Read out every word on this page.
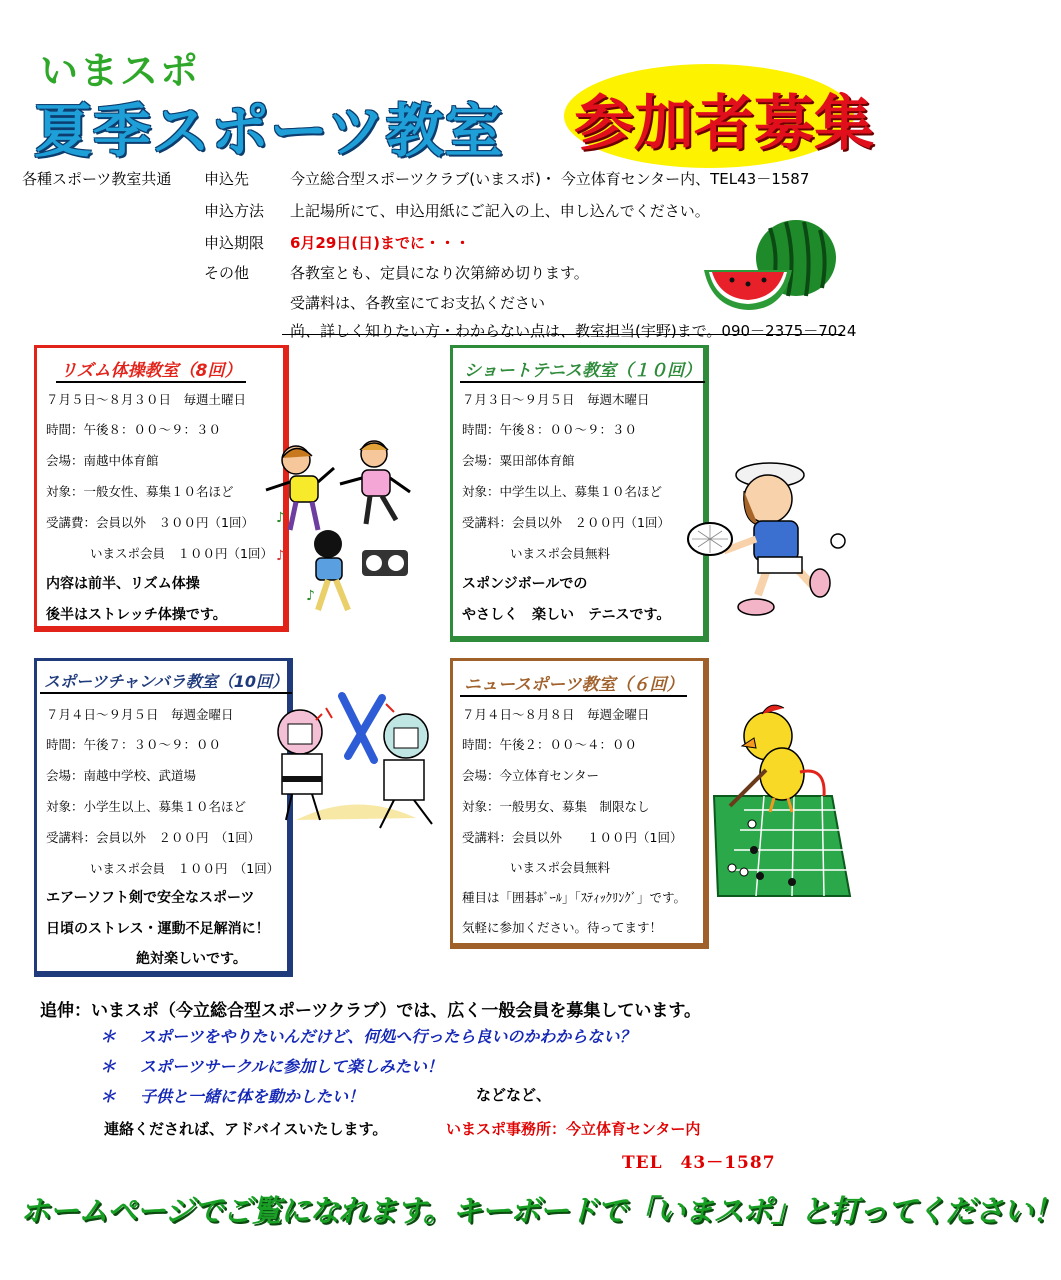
いまスポ
夏季スポーツ教室 参加者募集
各種スポーツ教室共通 申込先	今立総合型スポーツクラブ(いまスポ)・ 今立体育センター内、TEL43－1587
申込方法 上記場所にて、申込用紙にご記入の上、申し込んでください。
申込期限 6月29日(日)までに・・・
その他	各教室とも、定員になり次第締め切ります。
受講料は、各教室にてお支払ください
尚、詳しく知りたい方・わからない点は、教室担当(宇野)まで。090－2375－7024
リズム体操教室（8回）
７月５日～８月３０日　毎週土曜日
時間：午後８：００～９：３０
会場：南越中体育館
対象：一般女性、募集１０名ほど
受講費：会員以外　３００円（1回）
いまスポ会員　１００円（1回）
内容は前半、リズム体操
後半はストレッチ体操です。
♪
♪
♪
ショートテニス教室（１０回）
７月３日～９月５日　毎週木曜日
時間：午後８：００～９：３０
会場：粟田部体育館
対象：中学生以上、募集１０名ほど
受講料：会員以外　２００円（1回）
いまスポ会員無料
スポンジボールでの
やさしく　楽しい　テニスです。
スポーツチャンバラ教室（10回）
７月４日～９月５日　毎週金曜日
時間：午後７：３０～９：００
会場：南越中学校、武道場
対象：小学生以上、募集１０名ほど
受講料：会員以外　２００円　（1回）
いまスポ会員　１００円　（1回）
エアーソフト剣で安全なスポーツ
日頃のストレス・運動不足解消に！
絶対楽しいです。
ニュースポーツ教室（６回）
７月４日～８月８日　毎週金曜日
時間：午後２：００～４：００
会場：今立体育センター
対象：一般男女、募集　制限なし
受講料：会員以外　　１００円（1回）
いまスポ会員無料
種目は「囲碁ﾎﾞｰﾙ」「ｽﾃｨｯｸﾘﾝｸﾞ」です。
気軽に参加ください。待ってます！
追伸：いまスポ（今立総合型スポーツクラブ）では、広く一般会員を募集しています。
＊ スポーツをやりたいんだけど、何処へ行ったら良いのかわからない？
＊ スポーツサークルに参加して楽しみたい！
＊ 子供と一緒に体を動かしたい！	などなど、
連絡くだされば、アドバイスいたします。	いまスポ事務所：今立体育センター内
TEL　43－1587
ホームページでご覧になれます。キーボードで「いまスポ」と打ってください！
